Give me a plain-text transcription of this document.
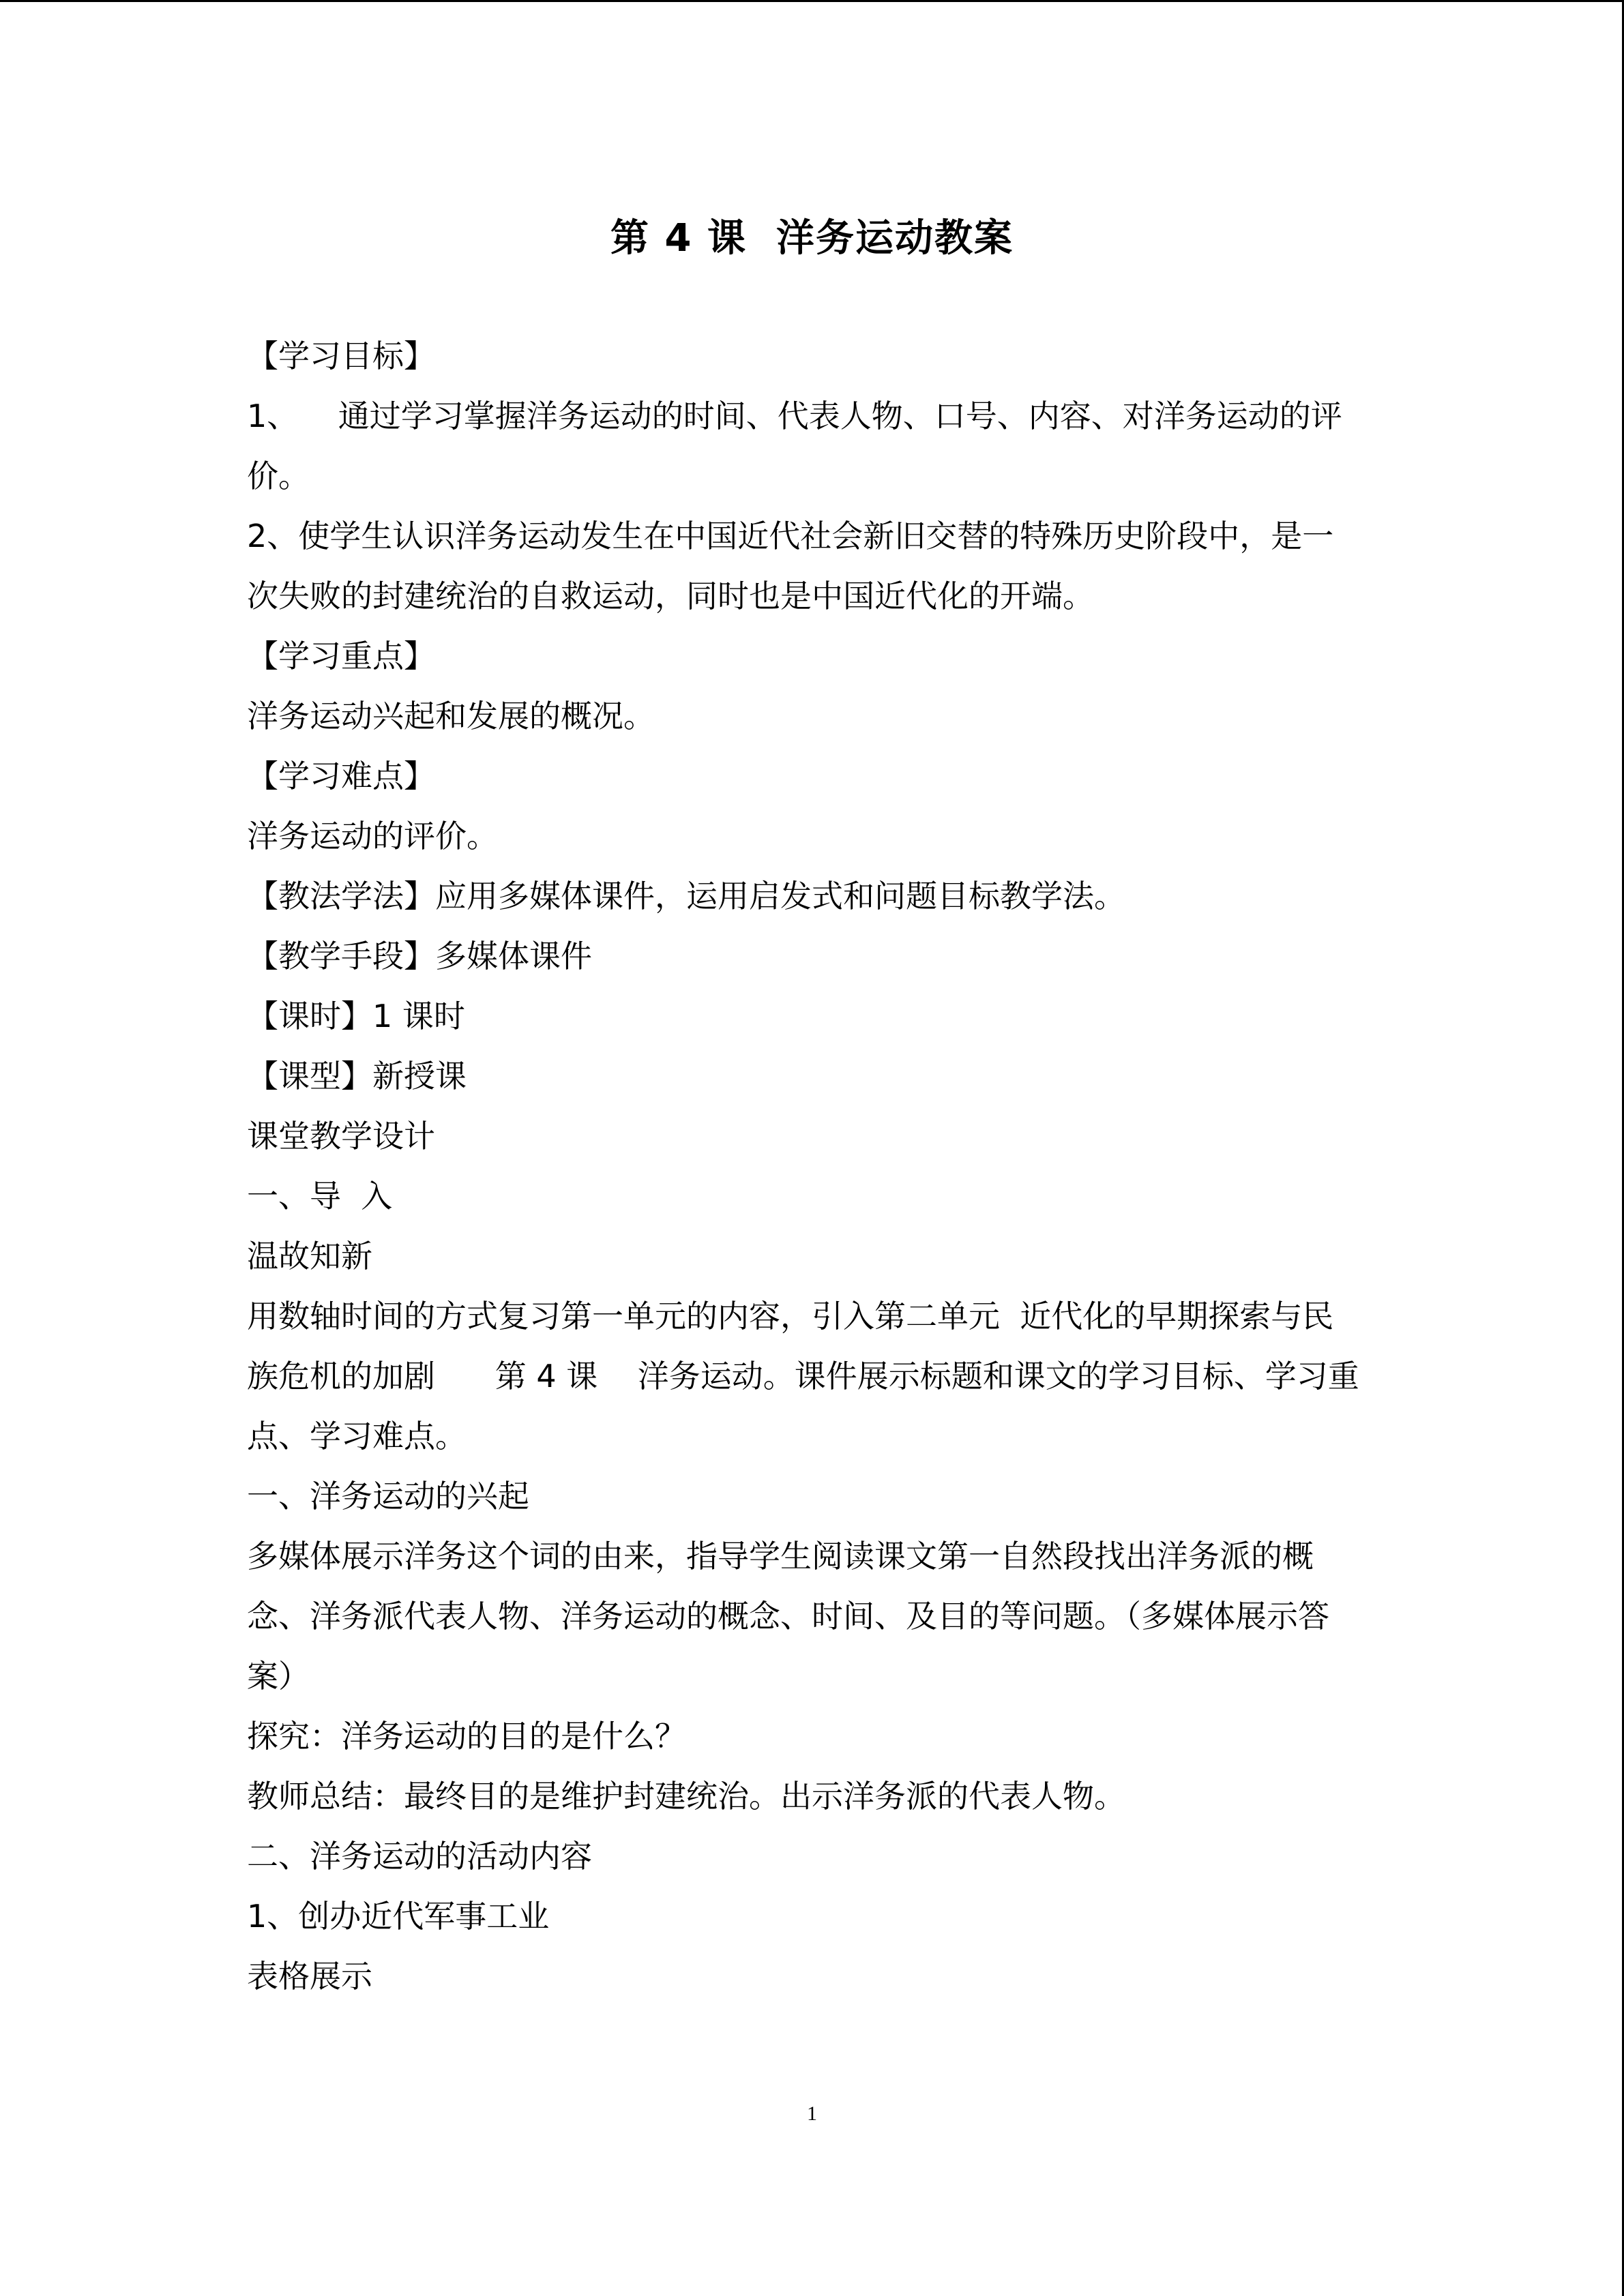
第 4 课  洋务运动教案
【学习目标】
1、    通过学习掌握洋务运动的时间、代表人物、口号、内容、对洋务运动的评
价。
2、使学生认识洋务运动发生在中国近代社会新旧交替的特殊历史阶段中，是一
次失败的封建统治的自救运动，同时也是中国近代化的开端。
【学习重点】
洋务运动兴起和发展的概况。
【学习难点】
洋务运动的评价。
【教法学法】应用多媒体课件，运用启发式和问题目标教学法。
【教学手段】多媒体课件
【课时】1 课时
【课型】新授课
课堂教学设计
一、导  入
温故知新
用数轴时间的方式复习第一单元的内容，引入第二单元  近代化的早期探索与民
族危机的加剧      第 4 课    洋务运动。课件展示标题和课文的学习目标、学习重
点、学习难点。
一、洋务运动的兴起
多媒体展示洋务这个词的由来，指导学生阅读课文第一自然段找出洋务派的概
念、洋务派代表人物、洋务运动的概念、时间、及目的等问题。（多媒体展示答
案）
探究：洋务运动的目的是什么？
教师总结：最终目的是维护封建统治。出示洋务派的代表人物。
二、洋务运动的活动内容
1、创办近代军事工业
表格展示
1
